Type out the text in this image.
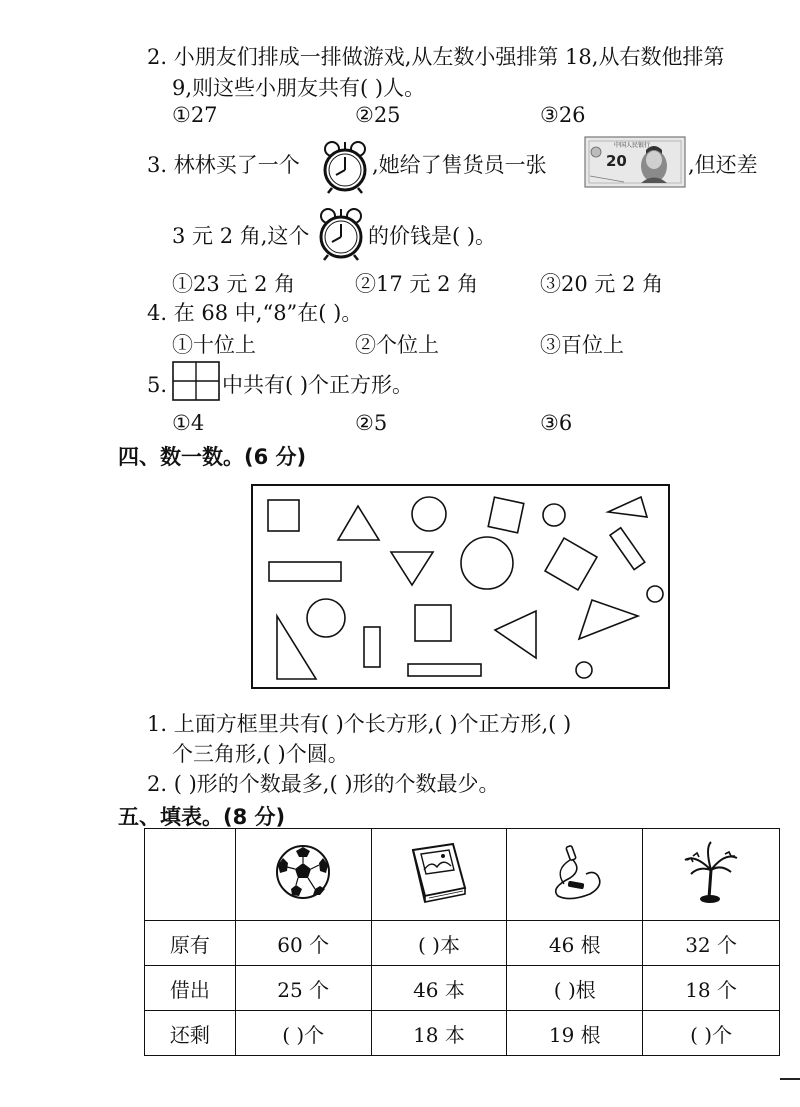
2. 小朋友们排成一排做游戏,从左数小强排第 18,从右数他排第
9,则这些小朋友共有( )人。
①27	②25	③26
3. 林林买了一个	,她给了售货员一张
中国人民银行
20	,但还差
3 元 2 角,这个	的价钱是( )。
①23 元 2 角	②17 元 2 角	③20 元 2 角
4. 在 68 中,“8”在( )。
①十位上	②个位上	③百位上
5.	中共有( )个正方形。
①4	②5	③6
四、数一数。(6 分)
1. 上面方框里共有( )个长方形,( )个正方形,( )
个三角形,( )个圆。
2. ( )形的个数最多,( )形的个数最少。
五、填表。(8 分)

原有	60 个	( )本	46 根	32 个
借出	25 个	46 本	( )根	18 个
还剩	( )个	18 本	19 根	( )个
